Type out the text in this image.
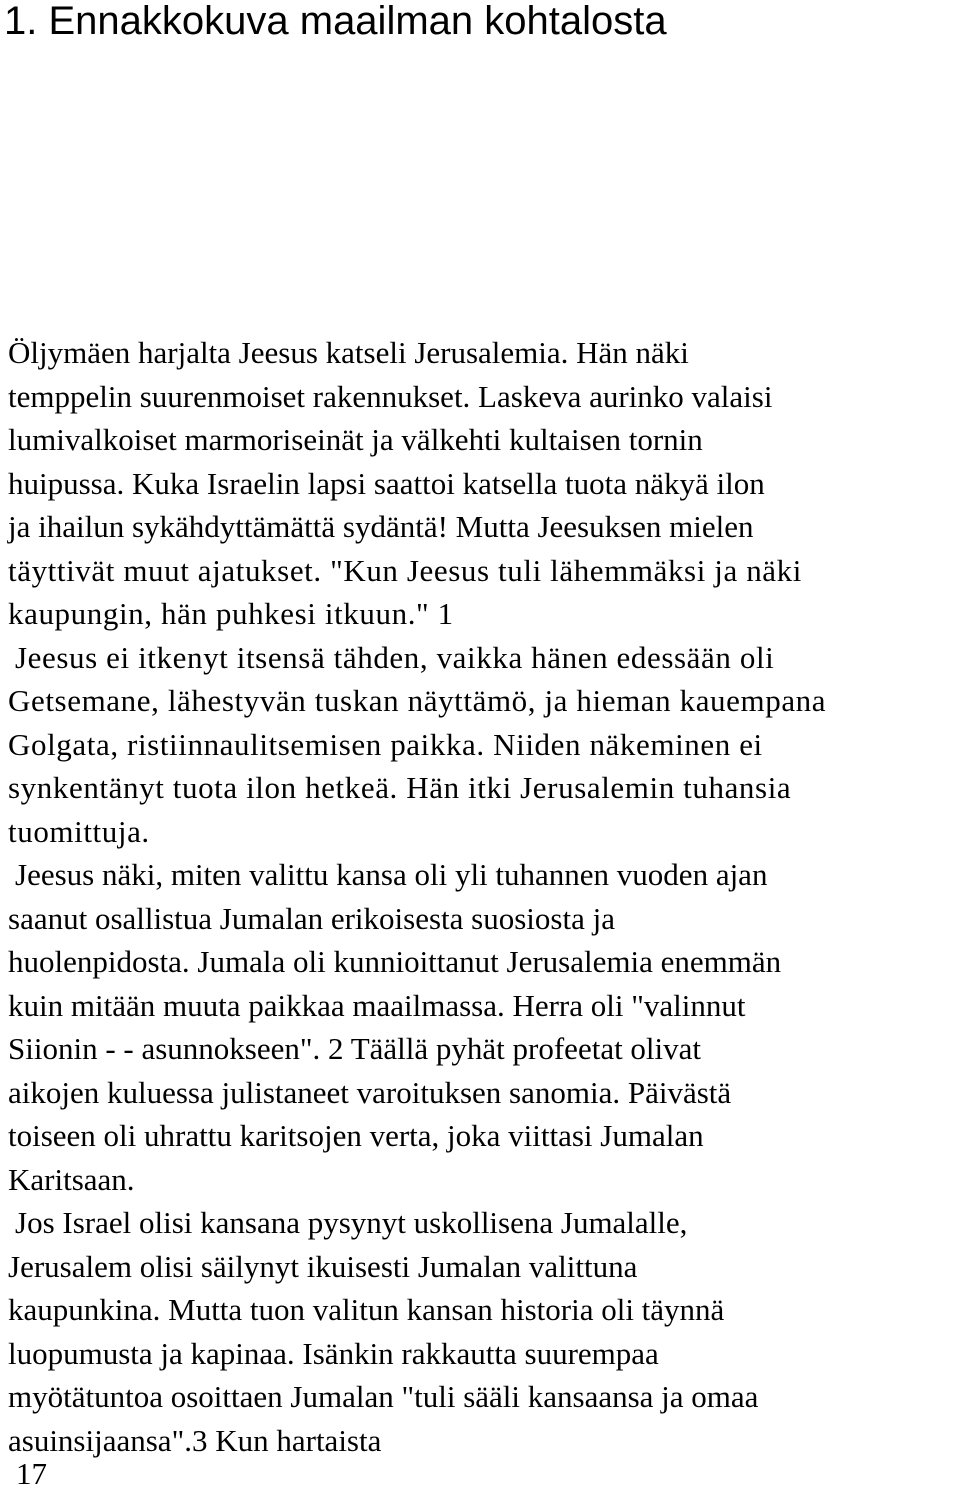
1. Ennakkokuva maailman kohtalosta
Öljymäen harjalta Jeesus katseli Jerusalemia. Hän näki
temppelin suurenmoiset rakennukset. Laskeva aurinko valaisi
lumivalkoiset marmoriseinät ja välkehti kultaisen tornin
huipussa. Kuka Israelin lapsi saattoi katsella tuota näkyä ilon
ja ihailun sykähdyttämättä sydäntä! Mutta Jeesuksen mielen
täyttivät muut ajatukset. "Kun Jeesus tuli lähemmäksi ja näki
kaupungin, hän puhkesi itkuun." 1
Jeesus ei itkenyt itsensä tähden, vaikka hänen edessään oli
Getsemane, lähestyvän tuskan näyttämö, ja hieman kauempana
Golgata, ristiinnaulitsemisen paikka. Niiden näkeminen ei
synkentänyt tuota ilon hetkeä. Hän itki Jerusalemin tuhansia
tuomittuja.
Jeesus näki, miten valittu kansa oli yli tuhannen vuoden ajan
saanut osallistua Jumalan erikoisesta suosiosta ja
huolenpidosta. Jumala oli kunnioittanut Jerusalemia enemmän
kuin mitään muuta paikkaa maailmassa. Herra oli "valinnut
Siionin - - asunnokseen". 2 Täällä pyhät profeetat olivat
aikojen kuluessa julistaneet varoituksen sanomia. Päivästä
toiseen oli uhrattu karitsojen verta, joka viittasi Jumalan
Karitsaan.
Jos Israel olisi kansana pysynyt uskollisena Jumalalle,
Jerusalem olisi säilynyt ikuisesti Jumalan valittuna
kaupunkina. Mutta tuon valitun kansan historia oli täynnä
luopumusta ja kapinaa. Isänkin rakkautta suurempaa
myötätuntoa osoittaen Jumalan "tuli sääli kansaansa ja omaa
asuinsijaansa".3 Kun hartaista
17
